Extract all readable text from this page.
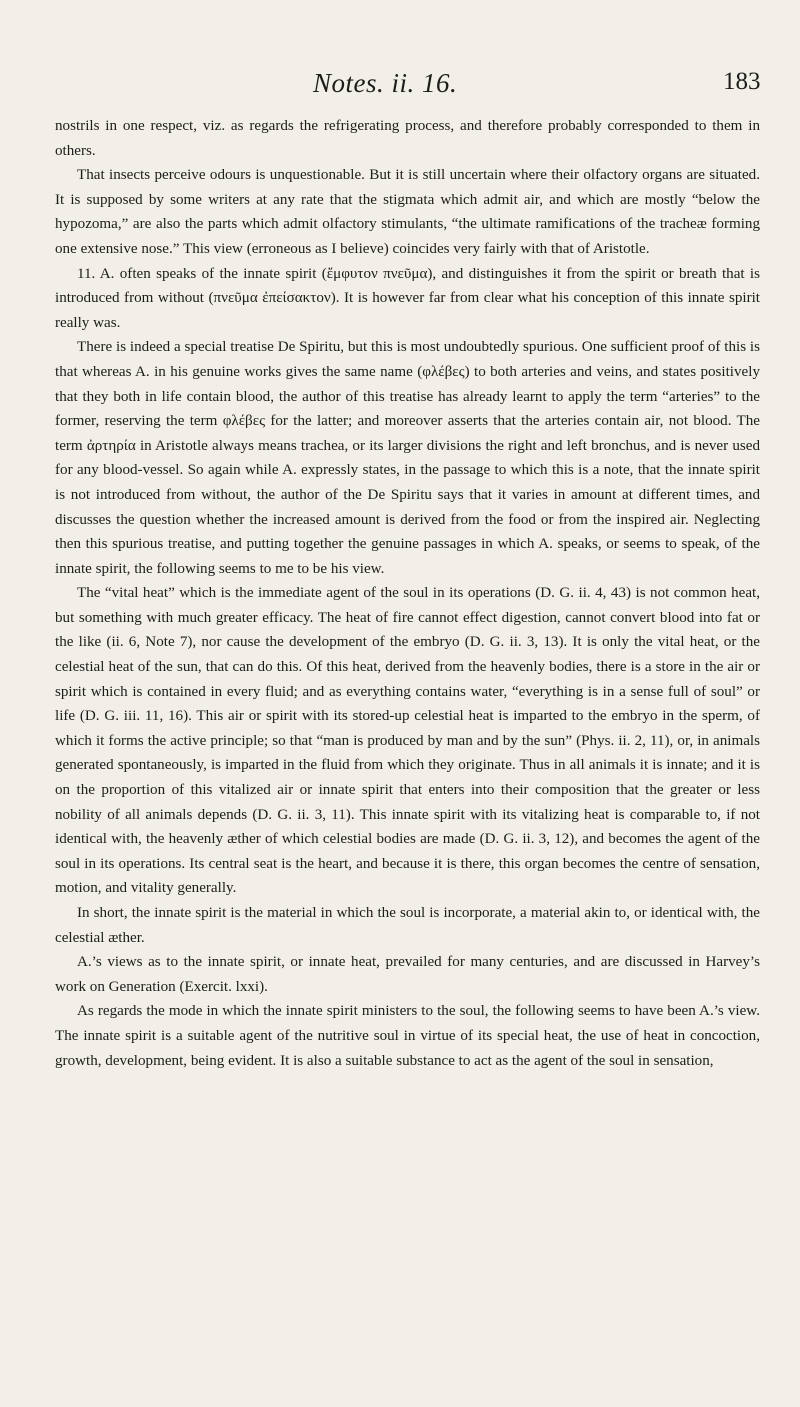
Notes. ii. 16.	183

nostrils in one respect, viz. as regards the refrigerating process, and therefore probably corresponded to them in others.

That insects perceive odours is unquestionable. But it is still uncertain where their olfactory organs are situated. It is supposed by some writers at any rate that the stigmata which admit air, and which are mostly “below the hypozoma,” are also the parts which admit olfactory stimulants, “the ultimate ramifications of the tracheæ forming one extensive nose.” This view (erroneous as I believe) coincides very fairly with that of Aristotle.

11. A. often speaks of the innate spirit (ἔμφυτον πνεῦμα), and distinguishes it from the spirit or breath that is introduced from without (πνεῦμα ἐπείσακτον). It is however far from clear what his conception of this innate spirit really was.

There is indeed a special treatise De Spiritu, but this is most undoubtedly spurious. One sufficient proof of this is that whereas A. in his genuine works gives the same name (φλέβες) to both arteries and veins, and states positively that they both in life contain blood, the author of this treatise has already learnt to apply the term “arteries” to the former, reserving the term φλέβες for the latter; and moreover asserts that the arteries contain air, not blood. The term ἀρτηρία in Aristotle always means trachea, or its larger divisions the right and left bronchus, and is never used for any blood-vessel. So again while A. expressly states, in the passage to which this is a note, that the innate spirit is not introduced from without, the author of the De Spiritu says that it varies in amount at different times, and discusses the question whether the increased amount is derived from the food or from the inspired air. Neglecting then this spurious treatise, and putting together the genuine passages in which A. speaks, or seems to speak, of the innate spirit, the following seems to me to be his view.

The “vital heat” which is the immediate agent of the soul in its operations (D. G. ii. 4, 43) is not common heat, but something with much greater efficacy. The heat of fire cannot effect digestion, cannot convert blood into fat or the like (ii. 6, Note 7), nor cause the development of the embryo (D. G. ii. 3, 13). It is only the vital heat, or the celestial heat of the sun, that can do this. Of this heat, derived from the heavenly bodies, there is a store in the air or spirit which is contained in every fluid; and as everything contains water, “everything is in a sense full of soul” or life (D. G. iii. 11, 16). This air or spirit with its stored-up celestial heat is imparted to the embryo in the sperm, of which it forms the active principle; so that “man is produced by man and by the sun” (Phys. ii. 2, 11), or, in animals generated spontaneously, is imparted in the fluid from which they originate. Thus in all animals it is innate; and it is on the proportion of this vitalized air or innate spirit that enters into their composition that the greater or less nobility of all animals depends (D. G. ii. 3, 11). This innate spirit with its vitalizing heat is comparable to, if not identical with, the heavenly æther of which celestial bodies are made (D. G. ii. 3, 12), and becomes the agent of the soul in its operations. Its central seat is the heart, and because it is there, this organ becomes the centre of sensation, motion, and vitality generally.

In short, the innate spirit is the material in which the soul is incorporate, a material akin to, or identical with, the celestial æther.

A.’s views as to the innate spirit, or innate heat, prevailed for many centuries, and are discussed in Harvey’s work on Generation (Exercit. lxxi).

As regards the mode in which the innate spirit ministers to the soul, the following seems to have been A.’s view. The innate spirit is a suitable agent of the nutritive soul in virtue of its special heat, the use of heat in concoction, growth, development, being evident. It is also a suitable substance to act as the agent of the soul in sensation,
